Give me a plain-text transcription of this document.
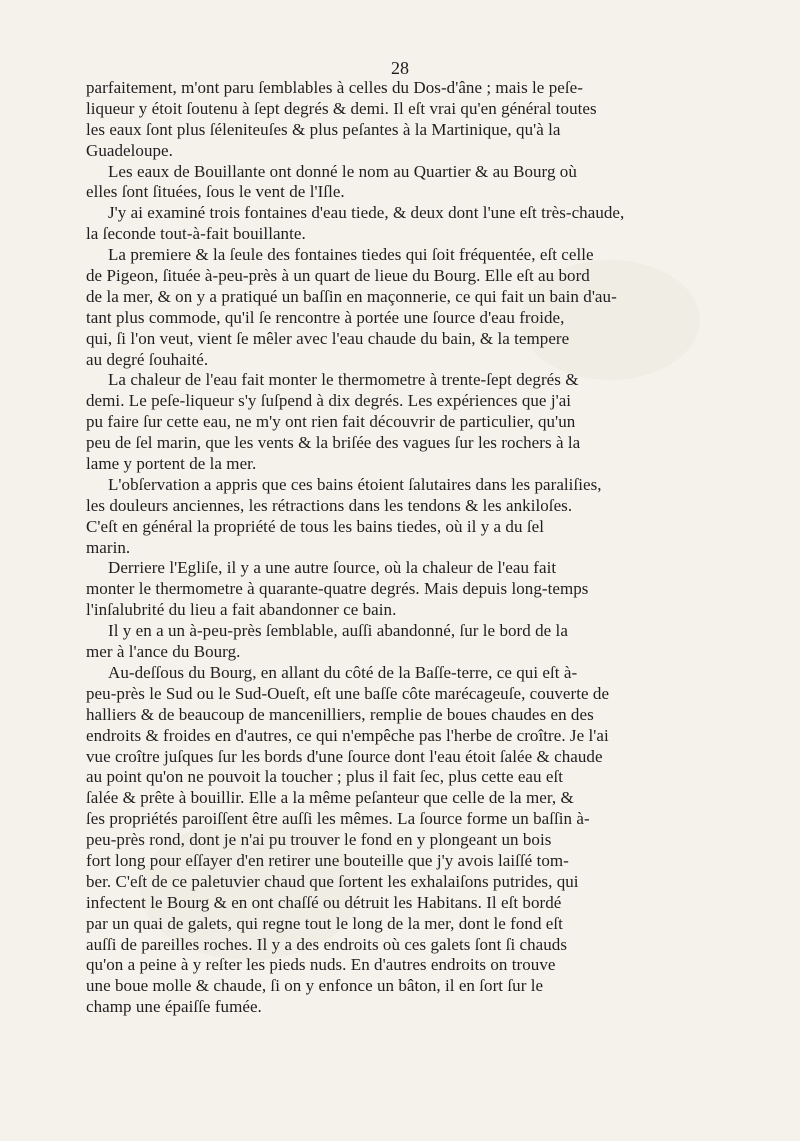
28
parfaitement, m'ont paru ſemblables à celles du Dos-d'âne ; mais le peſe-
liqueur y étoit ſoutenu à ſept degrés & demi. Il eſt vrai qu'en général toutes
les eaux ſont plus ſéleniteuſes & plus peſantes à la Martinique, qu'à la
Guadeloupe.
Les eaux de Bouillante ont donné le nom au Quartier & au Bourg où
elles ſont ſituées, ſous le vent de l'Iſle.
J'y ai examiné trois fontaines d'eau tiede, & deux dont l'une eſt très-chaude,
la ſeconde tout-à-fait bouillante.
La premiere & la ſeule des fontaines tiedes qui ſoit fréquentée, eſt celle
de Pigeon, ſituée à-peu-près à un quart de lieue du Bourg. Elle eſt au bord
de la mer, & on y a pratiqué un baſſin en maçonnerie, ce qui fait un bain d'au-
tant plus commode, qu'il ſe rencontre à portée une ſource d'eau froide,
qui, ſi l'on veut, vient ſe mêler avec l'eau chaude du bain, & la tempere
au degré ſouhaité.
La chaleur de l'eau fait monter le thermometre à trente-ſept degrés &
demi. Le peſe-liqueur s'y ſuſpend à dix degrés. Les expériences que j'ai
pu faire ſur cette eau, ne m'y ont rien fait découvrir de particulier, qu'un
peu de ſel marin, que les vents & la briſée des vagues ſur les rochers à la
lame y portent de la mer.
L'obſervation a appris que ces bains étoient ſalutaires dans les paraliſies,
les douleurs anciennes, les rétractions dans les tendons & les ankiloſes.
C'eſt en général la propriété de tous les bains tiedes, où il y a du ſel
marin.
Derriere l'Egliſe, il y a une autre ſource, où la chaleur de l'eau fait
monter le thermometre à quarante-quatre degrés. Mais depuis long-temps
l'inſalubrité du lieu a fait abandonner ce bain.
Il y en a un à-peu-près ſemblable, auſſi abandonné, ſur le bord de la
mer à l'ance du Bourg.
Au-deſſous du Bourg, en allant du côté de la Baſſe-terre, ce qui eſt à-
peu-près le Sud ou le Sud-Oueſt, eſt une baſſe côte marécageuſe, couverte de
halliers & de beaucoup de mancenilliers, remplie de boues chaudes en des
endroits & froides en d'autres, ce qui n'empêche pas l'herbe de croître. Je l'ai
vue croître juſques ſur les bords d'une ſource dont l'eau étoit ſalée & chaude
au point qu'on ne pouvoit la toucher ; plus il fait ſec, plus cette eau eſt
ſalée & prête à bouillir. Elle a la même peſanteur que celle de la mer, &
ſes propriétés paroiſſent être auſſi les mêmes. La ſource forme un baſſin à-
peu-près rond, dont je n'ai pu trouver le fond en y plongeant un bois
fort long pour eſſayer d'en retirer une bouteille que j'y avois laiſſé tom-
ber. C'eſt de ce paletuvier chaud que ſortent les exhalaiſons putrides, qui
infectent le Bourg & en ont chaſſé ou détruit les Habitans. Il eſt bordé
par un quai de galets, qui regne tout le long de la mer, dont le fond eſt
auſſi de pareilles roches. Il y a des endroits où ces galets ſont ſi chauds
qu'on a peine à y reſter les pieds nuds. En d'autres endroits on trouve
une boue molle & chaude, ſi on y enfonce un bâton, il en ſort ſur le
champ une épaiſſe fumée.
